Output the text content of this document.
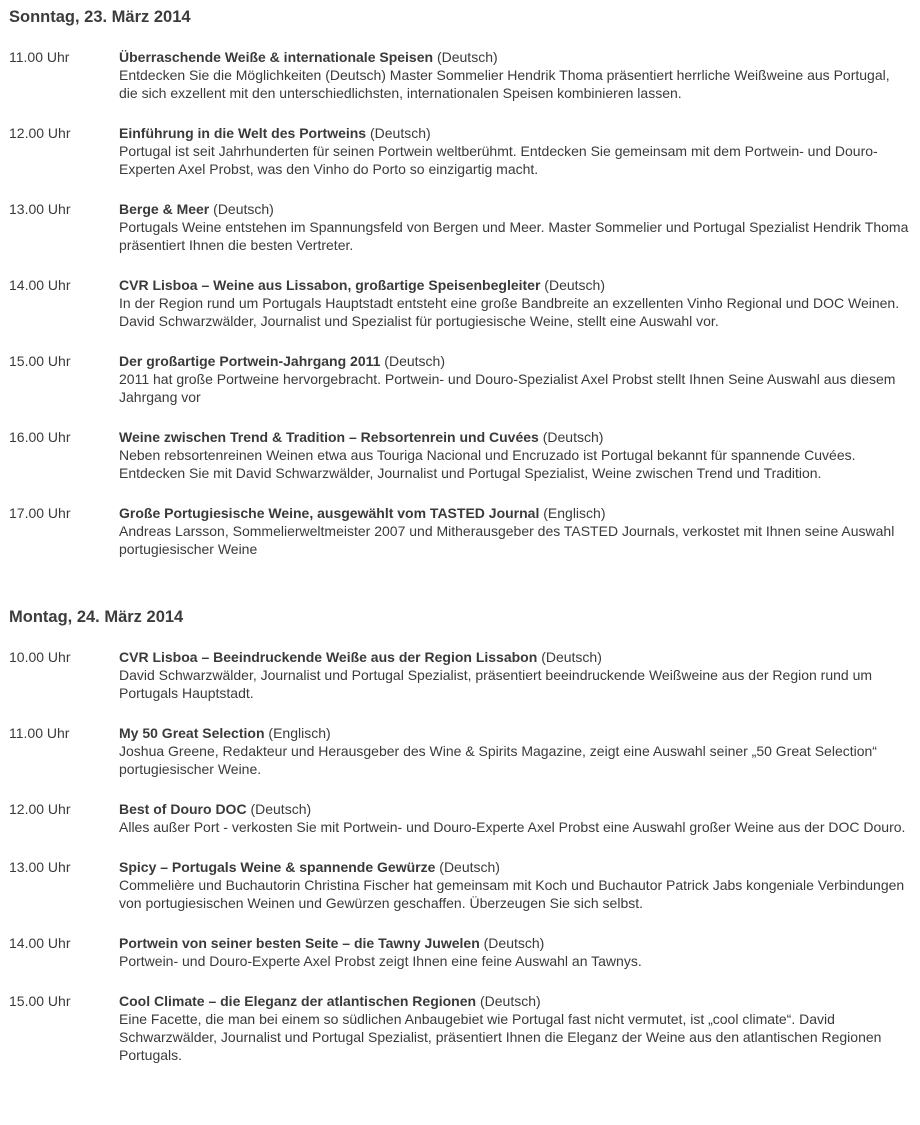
Sonntag, 23. März 2014
11.00 Uhr	Überraschende Weiße & internationale Speisen (Deutsch)
Entdecken Sie die Möglichkeiten (Deutsch) Master Sommelier Hendrik Thoma präsentiert herrliche Weißweine aus Portugal, die sich exzellent mit den unterschiedlichsten, internationalen Speisen kombinieren lassen.
12.00 Uhr	Einführung in die Welt des Portweins (Deutsch)
Portugal ist seit Jahrhunderten für seinen Portwein weltberühmt. Entdecken Sie gemeinsam mit dem Portwein- und Douro-Experten Axel Probst, was den Vinho do Porto so einzigartig macht.
13.00 Uhr	Berge & Meer (Deutsch)
Portugals Weine entstehen im Spannungsfeld von Bergen und Meer. Master Sommelier und Portugal Spezialist Hendrik Thoma präsentiert Ihnen die besten Vertreter.
14.00 Uhr	CVR Lisboa – Weine aus Lissabon, großartige Speisenbegleiter (Deutsch)
In der Region rund um Portugals Hauptstadt entsteht eine große Bandbreite an exzellenten Vinho Regional und DOC Weinen. David Schwarzwälder, Journalist und Spezialist für portugiesische Weine, stellt eine Auswahl vor.
15.00 Uhr	Der großartige Portwein-Jahrgang 2011 (Deutsch)
2011 hat große Portweine hervorgebracht. Portwein- und Douro-Spezialist Axel Probst stellt Ihnen Seine Auswahl aus diesem Jahrgang vor
16.00 Uhr	Weine zwischen Trend & Tradition – Rebsortenrein und Cuvées (Deutsch)
Neben rebsortenreinen Weinen etwa aus Touriga Nacional und Encruzado ist Portugal bekannt für spannende Cuvées. Entdecken Sie mit David Schwarzwälder, Journalist und Portugal Spezialist, Weine zwischen Trend und Tradition.
17.00 Uhr	Große Portugiesische Weine, ausgewählt vom TASTED Journal (Englisch)
Andreas Larsson, Sommelierweltmeister 2007 und Mitherausgeber des TASTED Journals, verkostet mit Ihnen seine Auswahl portugiesischer Weine
Montag, 24. März 2014
10.00 Uhr	CVR Lisboa – Beeindruckende Weiße aus der Region Lissabon (Deutsch)
David Schwarzwälder, Journalist und Portugal Spezialist, präsentiert beeindruckende Weißweine aus der Region rund um Portugals Hauptstadt.
11.00 Uhr	My 50 Great Selection (Englisch)
Joshua Greene, Redakteur und Herausgeber des Wine & Spirits Magazine, zeigt eine Auswahl seiner „50 Great Selection“ portugiesischer Weine.
12.00 Uhr	Best of Douro DOC (Deutsch)
Alles außer Port - verkosten Sie mit Portwein- und Douro-Experte Axel Probst eine Auswahl großer Weine aus der DOC Douro.
13.00 Uhr	Spicy – Portugals Weine & spannende Gewürze (Deutsch)
Commelière und Buchautorin Christina Fischer hat gemeinsam mit Koch und Buchautor Patrick Jabs kongeniale Verbindungen von portugiesischen Weinen und Gewürzen geschaffen. Überzeugen Sie sich selbst.
14.00 Uhr	Portwein von seiner besten Seite – die Tawny Juwelen (Deutsch)
Portwein- und Douro-Experte Axel Probst zeigt Ihnen eine feine Auswahl an Tawnys.
15.00 Uhr	Cool Climate – die Eleganz der atlantischen Regionen (Deutsch)
Eine Facette, die man bei einem so südlichen Anbaugebiet wie Portugal fast nicht vermutet, ist „cool climate“. David Schwarzwälder, Journalist und Portugal Spezialist, präsentiert Ihnen die Eleganz der Weine aus den atlantischen Regionen Portugals.
